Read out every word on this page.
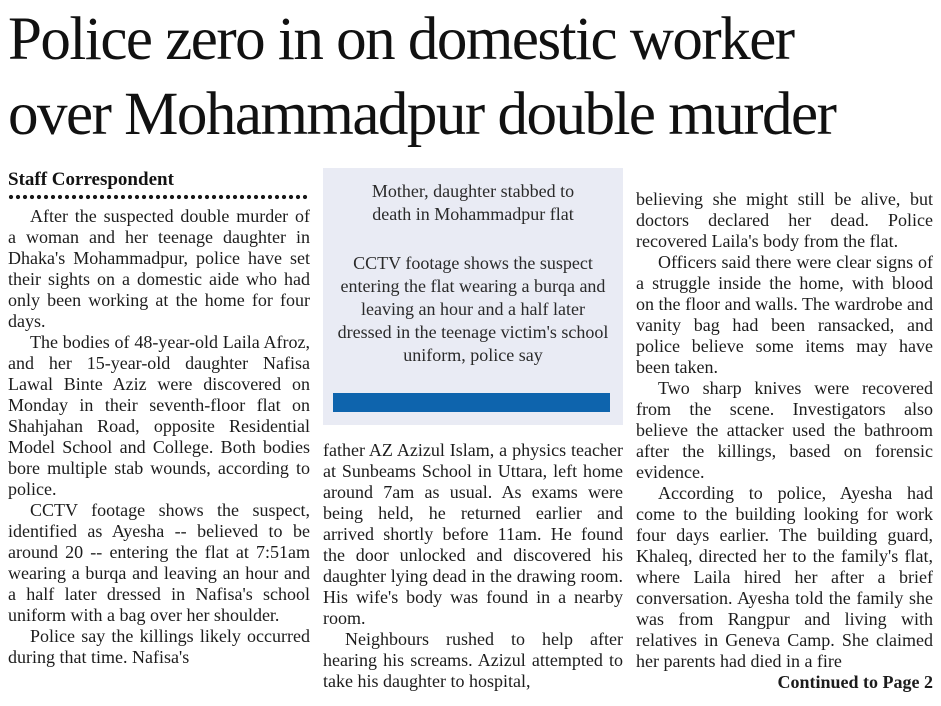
Police zero in on domestic worker
over Mohammadpur double murder
Staff Correspondent

After the suspected double murder of a woman and her teenage daughter in Dhaka's Mohammadpur, police have set their sights on a domestic aide who had only been working at the home for four days.

The bodies of 48-year-old Laila Afroz, and her 15-year-old daughter Nafisa Lawal Binte Aziz were discovered on Monday in their seventh-floor flat on Shahjahan Road, opposite Residential Model School and College. Both bodies bore multiple stab wounds, according to police.

CCTV footage shows the suspect, identified as Ayesha -- believed to be around 20 -- entering the flat at 7:51am wearing a burqa and leaving an hour and a half later dressed in Nafisa's school uniform with a bag over her shoulder.

Police say the killings likely occurred during that time. Nafisa's

Mother, daughter stabbed to death in Mohammadpur flat

CCTV footage shows the suspect entering the flat wearing a burqa and leaving an hour and a half later dressed in the teenage victim's school uniform, police say

father AZ Azizul Islam, a physics teacher at Sunbeams School in Uttara, left home around 7am as usual. As exams were being held, he returned earlier and arrived shortly before 11am. He found the door unlocked and discovered his daughter lying dead in the drawing room. His wife's body was found in a nearby room.

Neighbours rushed to help after hearing his screams. Azizul attempted to take his daughter to hospital,

believing she might still be alive, but doctors declared her dead. Police recovered Laila's body from the flat.

Officers said there were clear signs of a struggle inside the home, with blood on the floor and walls. The wardrobe and vanity bag had been ransacked, and police believe some items may have been taken.

Two sharp knives were recovered from the scene. Investigators also believe the attacker used the bathroom after the killings, based on forensic evidence.

According to police, Ayesha had come to the building looking for work four days earlier. The building guard, Khaleq, directed her to the family's flat, where Laila hired her after a brief conversation. Ayesha told the family she was from Rangpur and living with relatives in Geneva Camp. She claimed her parents had died in a fire

Continued to Page 2
